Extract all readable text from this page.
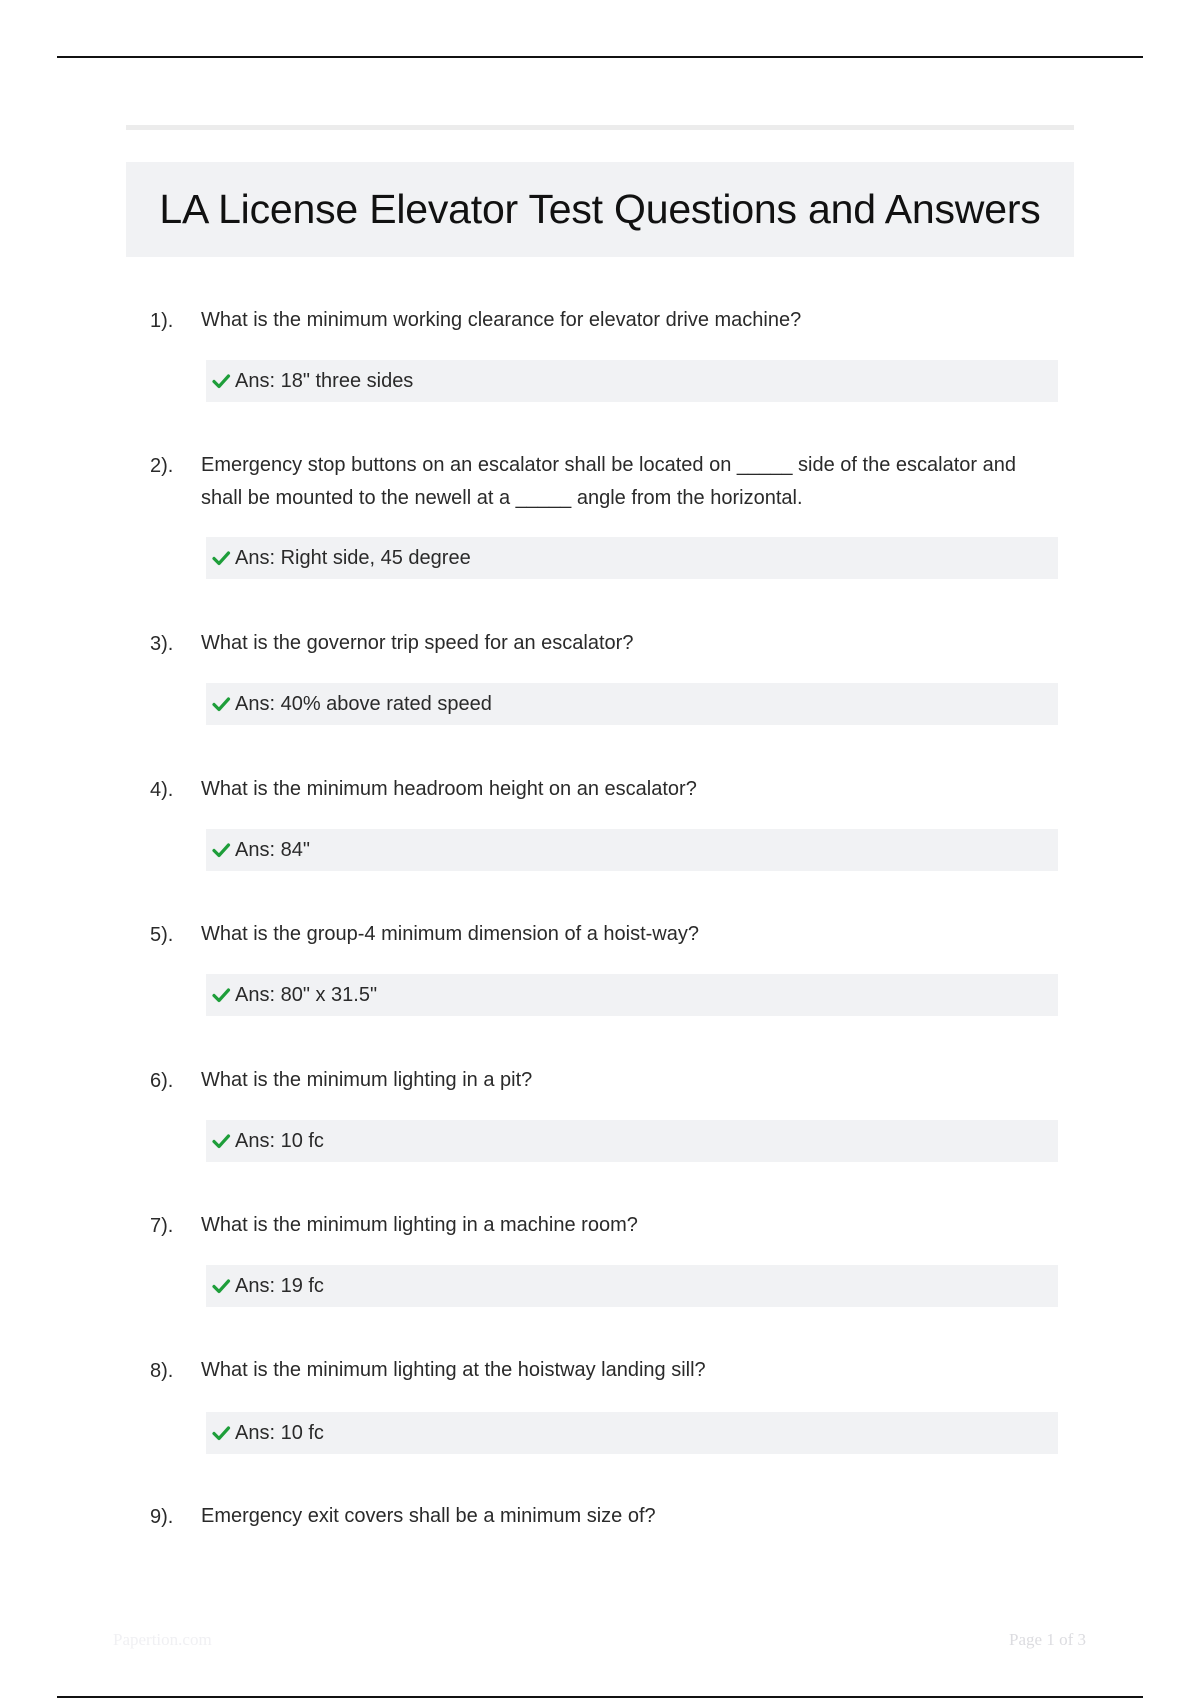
LA License Elevator Test Questions and Answers
1). What is the minimum working clearance for elevator drive machine?
Ans: 18" three sides
2). Emergency stop buttons on an escalator shall be located on _____ side of the escalator and shall be mounted to the newell at a _____ angle from the horizontal.
Ans: Right side, 45 degree
3). What is the governor trip speed for an escalator?
Ans: 40% above rated speed
4). What is the minimum headroom height on an escalator?
Ans: 84"
5). What is the group-4 minimum dimension of a hoist-way?
Ans: 80" x 31.5"
6). What is the minimum lighting in a pit?
Ans: 10 fc
7). What is the minimum lighting in a machine room?
Ans: 19 fc
8). What is the minimum lighting at the hoistway landing sill?
Ans: 10 fc
9). Emergency exit covers shall be a minimum size of?
Papertion.com	Page 1 of 3
